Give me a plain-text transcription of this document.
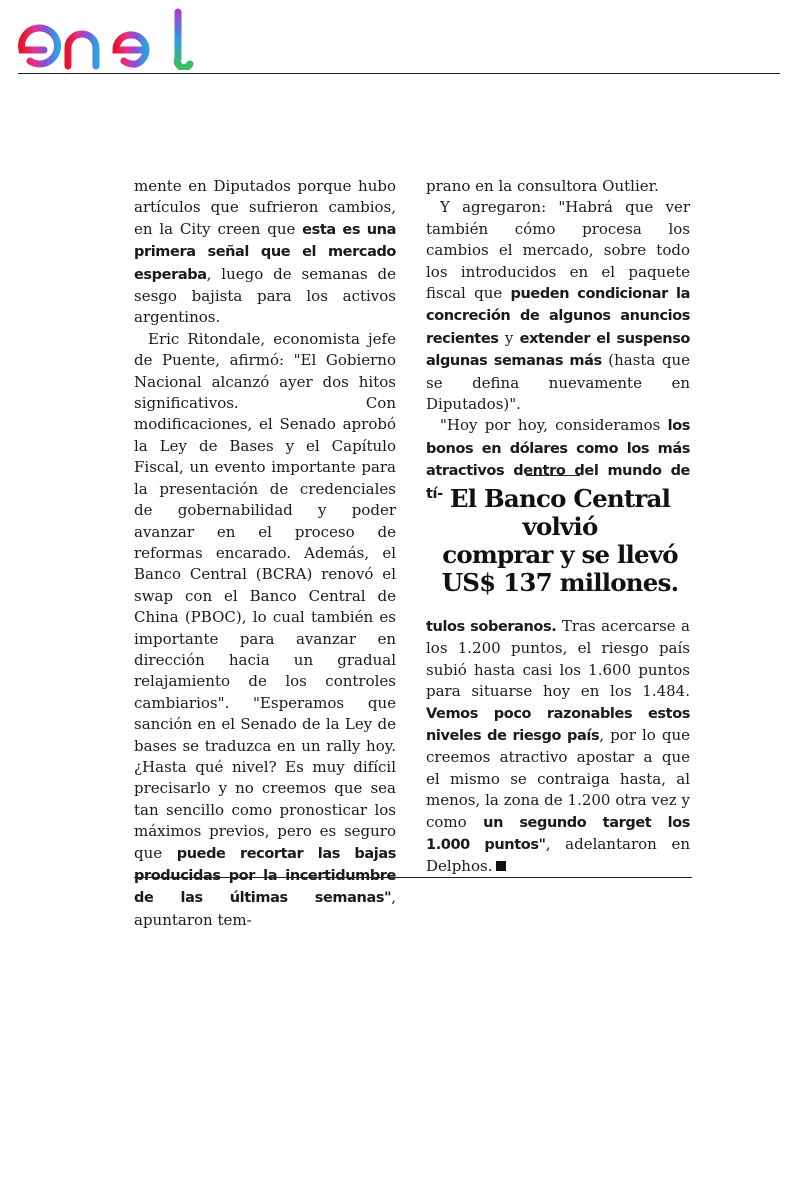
mente en Diputados porque hubo artículos que sufrieron cambios, en la City creen que esta es una primera señal que el mercado esperaba, luego de semanas de sesgo bajista para los activos argentinos.

Eric Ritondale, economista jefe de Puente, afirmó: "El Gobierno Nacional alcanzó ayer dos hitos significativos. Con modificaciones, el Senado aprobó la Ley de Bases y el Capítulo Fiscal, un evento importante para la presentación de credenciales de gobernabilidad y poder avanzar en el proceso de reformas encarado. Además, el Banco Central (BCRA) renovó el swap con el Banco Central de China (PBOC), lo cual también es importante para avanzar en dirección hacia un gradual relajamiento de los controles cambiarios". "Esperamos que sanción en el Senado de la Ley de bases se traduzca en un rally hoy. ¿Hasta qué nivel? Es muy difícil precisarlo y no creemos que sea tan sencillo como pronosticar los máximos previos, pero es seguro que puede recortar las bajas producidas por la incertidumbre de las últimas semanas", apuntaron tem-

prano en la consultora Outlier.

Y agregaron: "Habrá que ver también cómo procesa los cambios el mercado, sobre todo los introducidos en el paquete fiscal que pueden condicionar la concreción de algunos anuncios recientes y extender el suspenso algunas semanas más (hasta que se defina nuevamente en Diputados)".

"Hoy por hoy, consideramos los bonos en dólares como los más atractivos dentro del mundo de tí- El Banco Central volvió
comprar y se llevó
US$ 137 millones.

tulos soberanos. Tras acercarse a los 1.200 puntos, el riesgo país subió hasta casi los 1.600 puntos para situarse hoy en los 1.484. Vemos poco razonables estos niveles de riesgo país, por lo que creemos atractivo apostar a que el mismo se contraiga hasta, al menos, la zona de 1.200 otra vez y como un segundo target los 1.000 puntos", adelantaron en Delphos.
